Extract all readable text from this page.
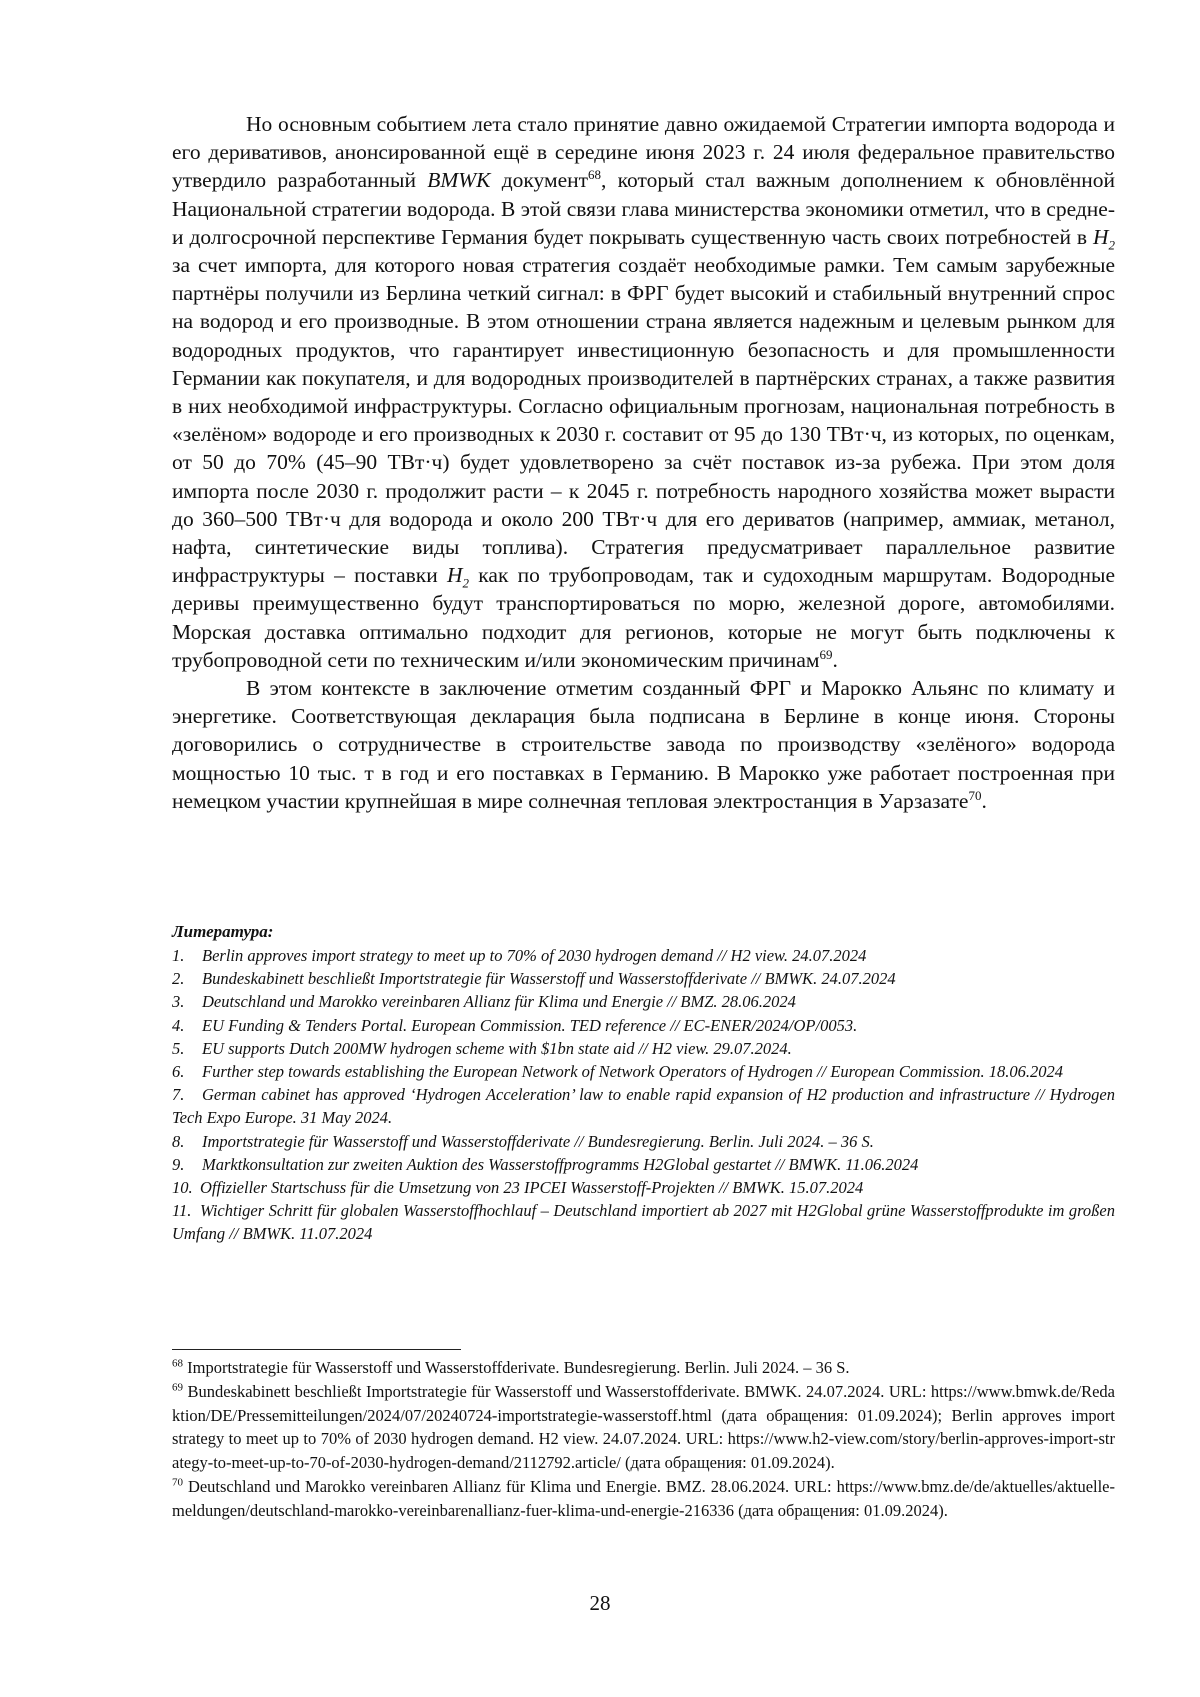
Но основным событием лета стало принятие давно ожидаемой Стратегии импорта водорода и его деривативов, анонсированной ещё в середине июня 2023 г. 24 июля федеральное правительство утвердило разработанный BMWK документ$^{68}$, который стал важным дополнением к обновлённой Национальной стратегии водорода. В этой связи глава министерства экономики отметил, что в средне- и долгосрочной перспективе Германия будет покрывать существенную часть своих потребностей в $H_2$ за счет импорта, для которого новая стратегия создаёт необходимые рамки. Тем самым зарубежные партнёры получили из Берлина четкий сигнал: в ФРГ будет высокий и стабильный внутренний спрос на водород и его производные. В этом отношении страна является надежным и целевым рынком для водородных продуктов, что гарантирует инвестиционную безопасность и для промышленности Германии как покупателя, и для водородных производителей в партнёрских странах, а также развития в них необходимой инфраструктуры. Согласно официальным прогнозам, национальная потребность в «зелёном» водороде и его производных к 2030 г. составит от 95 до 130 ТВт·ч, из которых, по оценкам, от 50 до 70% (45–90 ТВт·ч) будет удовлетворено за счёт поставок из-за рубежа. При этом доля импорта после 2030 г. продолжит расти – к 2045 г. потребность народного хозяйства может вырасти до 360–500 ТВт·ч для водорода и около 200 ТВт·ч для его дериватов (например, аммиак, метанол, нафта, синтетические виды топлива). Стратегия предусматривает параллельное развитие инфраструктуры – поставки $H_2$ как по трубопроводам, так и судоходным маршрутам. Водородные деривы преимущественно будут транспортироваться по морю, железной дороге, автомобилями. Морская доставка оптимально подходит для регионов, которые не могут быть подключены к трубопроводной сети по техническим и/или экономическим причинам$^{69}$.

В этом контексте в заключение отметим созданный ФРГ и Марокко Альянс по климату и энергетике. Соответствующая декларация была подписана в Берлине в конце июня. Стороны договорились о сотрудничестве в строительстве завода по производству «зелёного» водорода мощностью 10 тыс. т в год и его поставках в Германию. В Марокко уже работает построенная при немецком участии крупнейшая в мире солнечная тепловая электростанция в Уарзазате$^{70}$.

Литература:
1. Berlin approves import strategy to meet up to 70% of 2030 hydrogen demand // H2 view. 24.07.2024
2. Bundeskabinett beschließt Importstrategie für Wasserstoff und Wasserstoffderivate // BMWK. 24.07.2024
3. Deutschland und Marokko vereinbaren Allianz für Klima und Energie // BMZ. 28.06.2024
4. EU Funding & Tenders Portal. European Commission. TED reference // EC-ENER/2024/OP/0053.
5. EU supports Dutch 200MW hydrogen scheme with $1bn state aid // H2 view. 29.07.2024.
6. Further step towards establishing the European Network of Network Operators of Hydrogen // European Commission. 18.06.2024
7. German cabinet has approved ‘Hydrogen Acceleration’ law to enable rapid expansion of H2 production and infrastructure // Hydrogen Tech Expo Europe. 31 May 2024.
8. Importstrategie für Wasserstoff und Wasserstoffderivate // Bundesregierung. Berlin. Juli 2024. – 36 S.
9. Marktkonsultation zur zweiten Auktion des Wasserstoffprogramms H2Global gestartet // BMWK. 11.06.2024
10. Offizieller Startschuss für die Umsetzung von 23 IPCEI Wasserstoff-Projekten // BMWK. 15.07.2024
11. Wichtiger Schritt für globalen Wasserstoffhochlauf – Deutschland importiert ab 2027 mit H2Global grüne Wasserstoffprodukte im großen Umfang // BMWK. 11.07.2024

$^{68}$ Importstrategie für Wasserstoff und Wasserstoffderivate. Bundesregierung. Berlin. Juli 2024. – 36 S.

$^{69}$ Bundeskabinett beschließt Importstrategie für Wasserstoff und Wasserstoffderivate. BMWK. 24.07.2024. URL: https://www.bmwk.de/Redaktion/DE/Pressemitteilungen/2024/07/20240724-importstrategie-wasserstoff.html (дата обращения: 01.09.2024); Berlin approves import strategy to meet up to 70% of 2030 hydrogen demand. H2 view. 24.07.2024. URL: https://www.h2-view.com/story/berlin-approves-import-strategy-to-meet-up-to-70-of-2030-hydrogen-demand/2112792.article/ (дата обращения: 01.09.2024).

$^{70}$ Deutschland und Marokko vereinbaren Allianz für Klima und Energie. BMZ. 28.06.2024. URL: https://www.bmz.de/de/aktuelles/aktuelle-meldungen/deutschland-marokko-vereinbarenallianz-fuer-klima-und-energie-216336 (дата обращения: 01.09.2024).

28
